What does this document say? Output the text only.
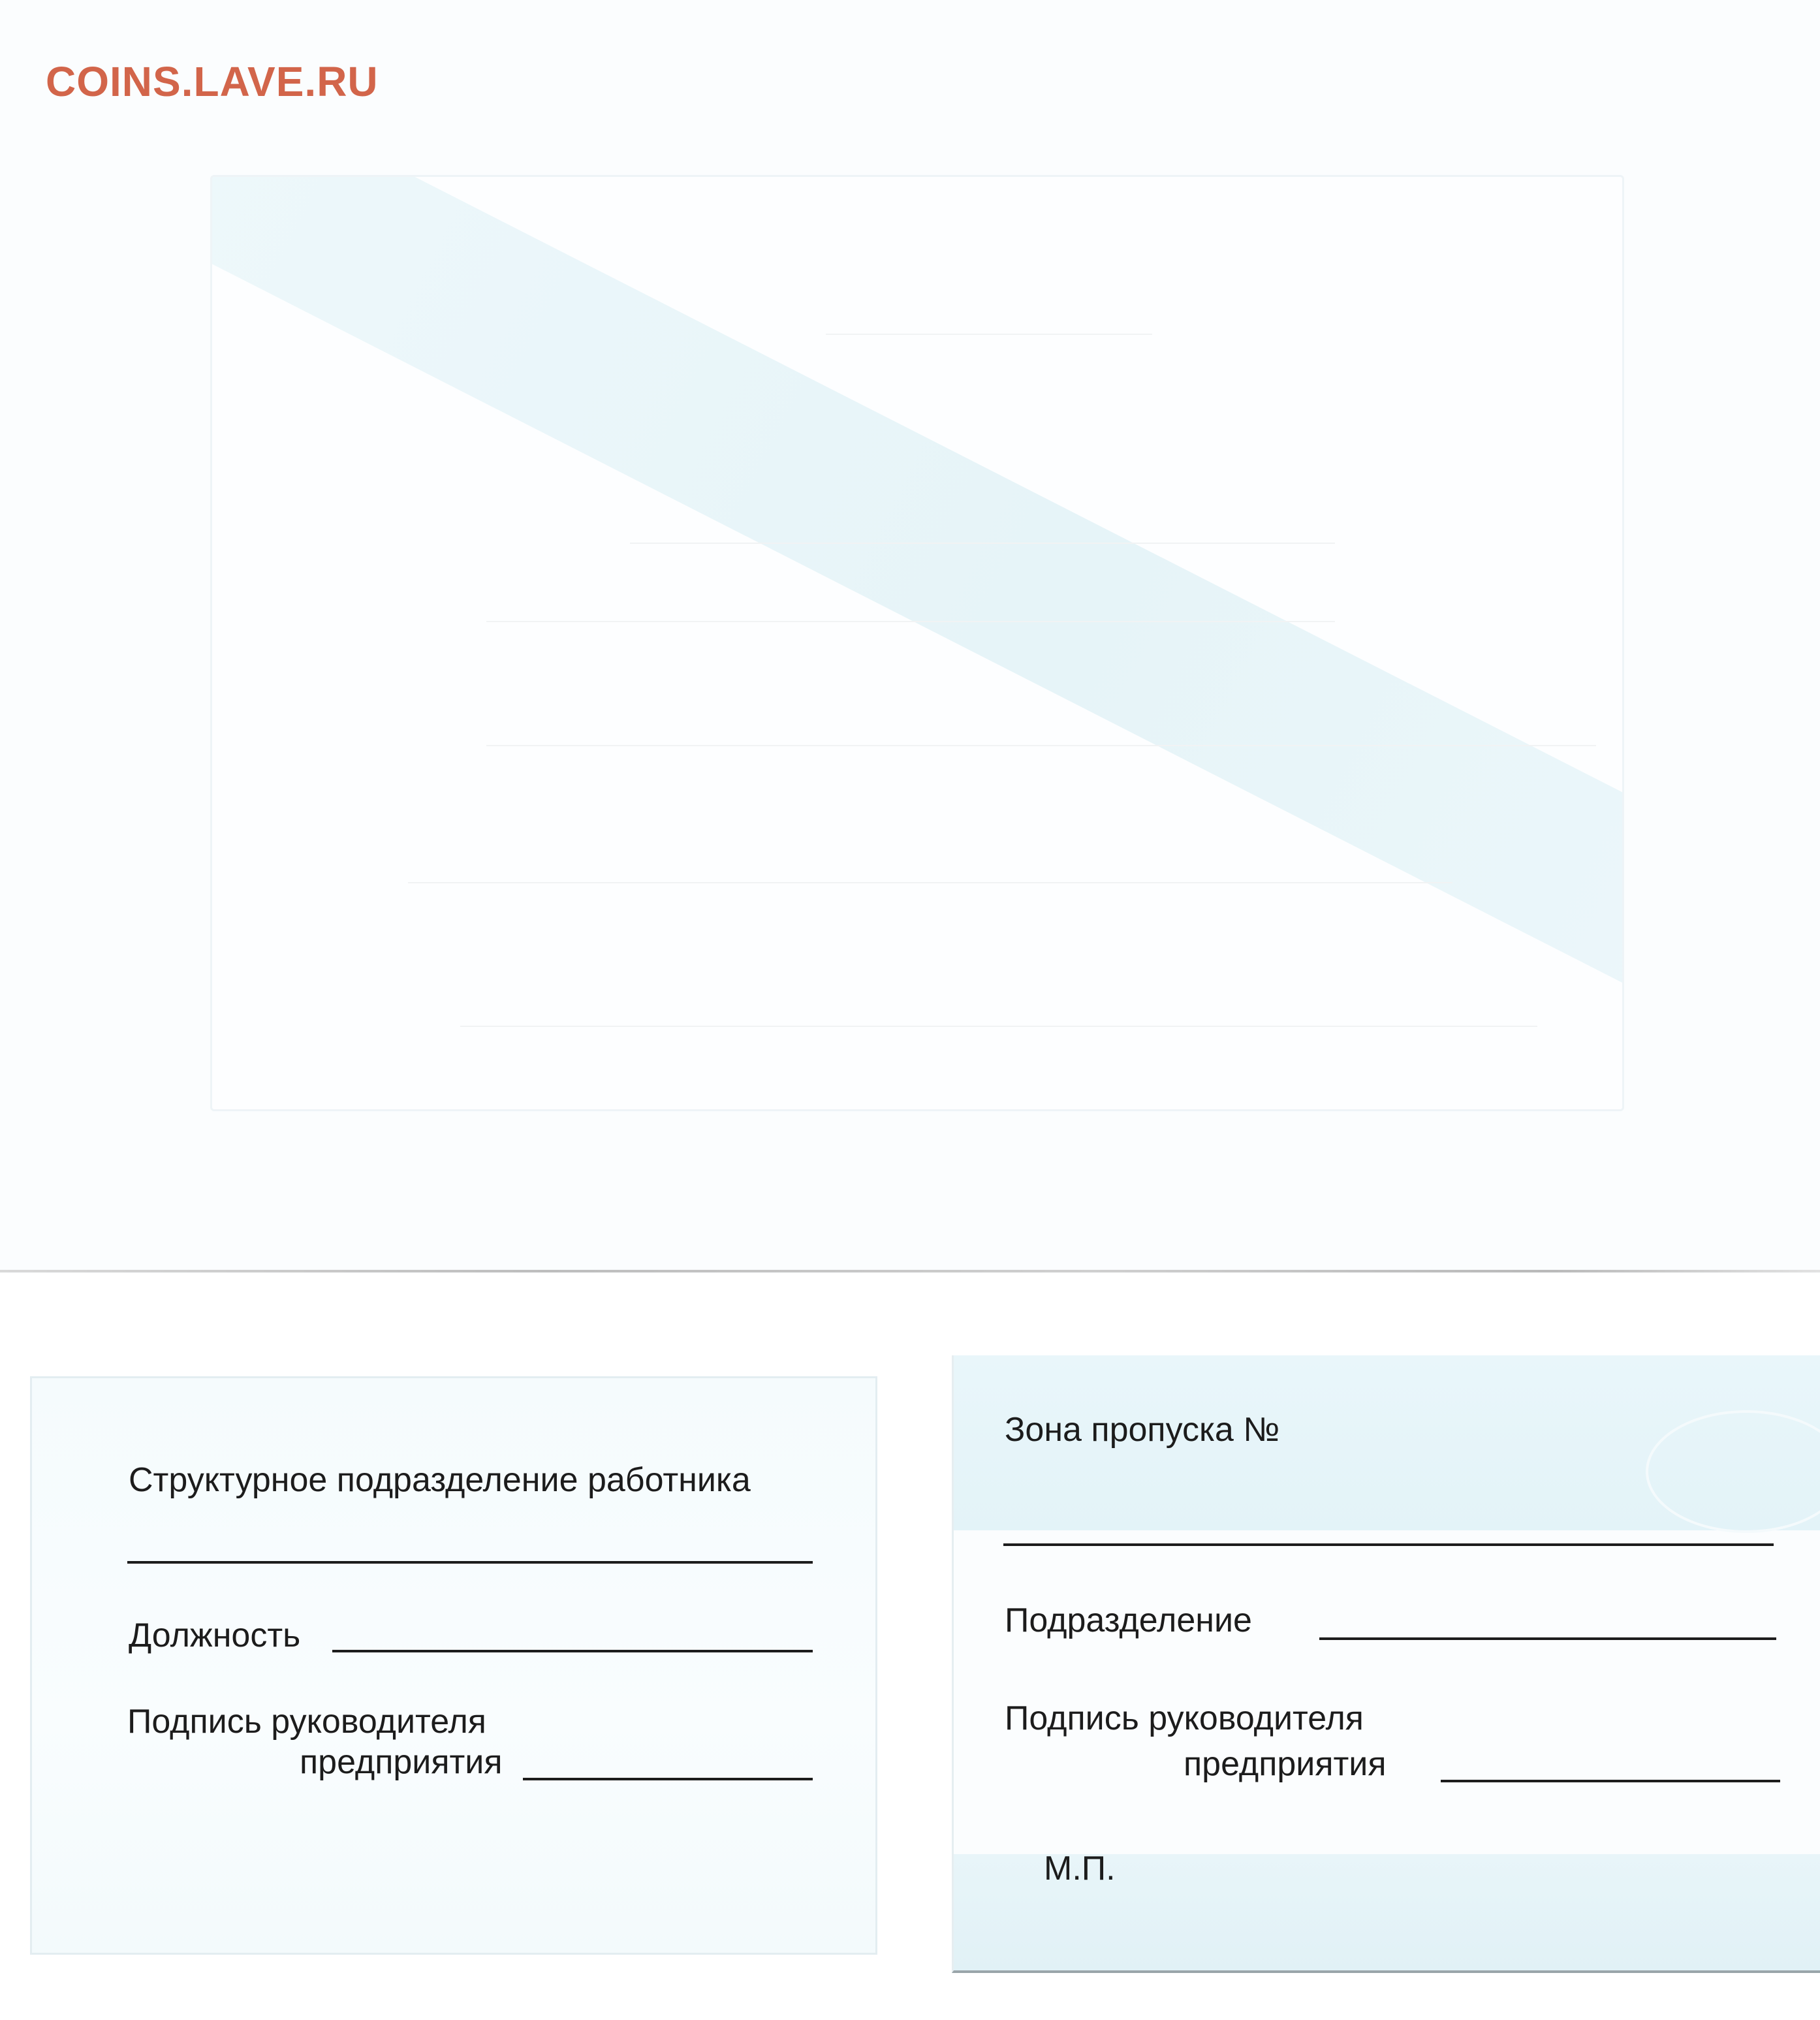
COINS.LAVE.RU
Структурное подразделение работника
Должность
Подпись руководителя
предприятия
Зона пропуска №
Подразделение
Подпись руководителя
предприятия
М.П.
